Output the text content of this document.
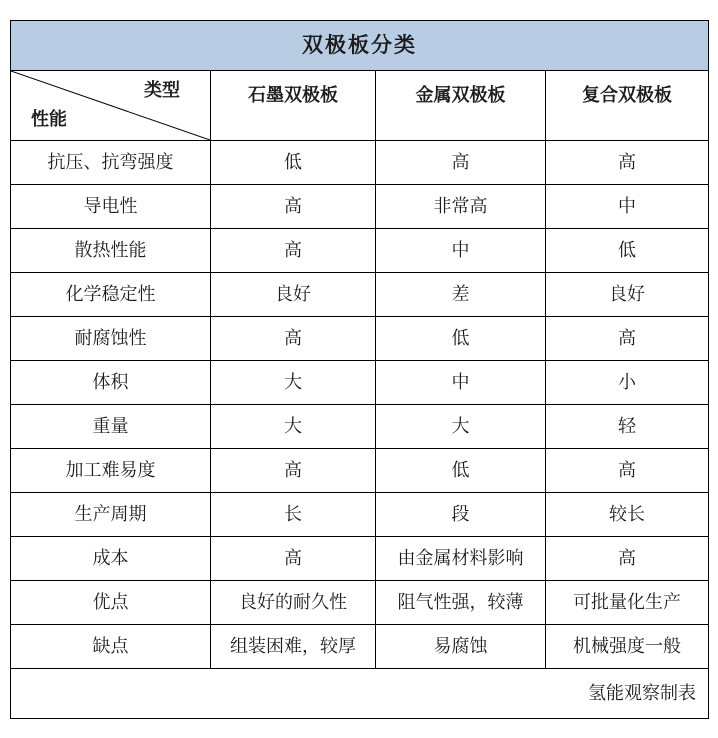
双极板分类			

类型
性能	石墨双极板	金属双极板	复合双极板
抗压、抗弯强度	低	高	高
导电性	高	非常高	中
散热性能	高	中	低
化学稳定性	良好	差	良好
耐腐蚀性	高	低	高
体积	大	中	小
重量	大	大	轻
加工难易度	高	低	高
生产周期	长	段	较长
成本	高	由金属材料影响	高
优点	良好的耐久性	阻气性强，较薄	可批量化生产
缺点	组装困难，较厚	易腐蚀	机械强度一般
氢能观察制表			
